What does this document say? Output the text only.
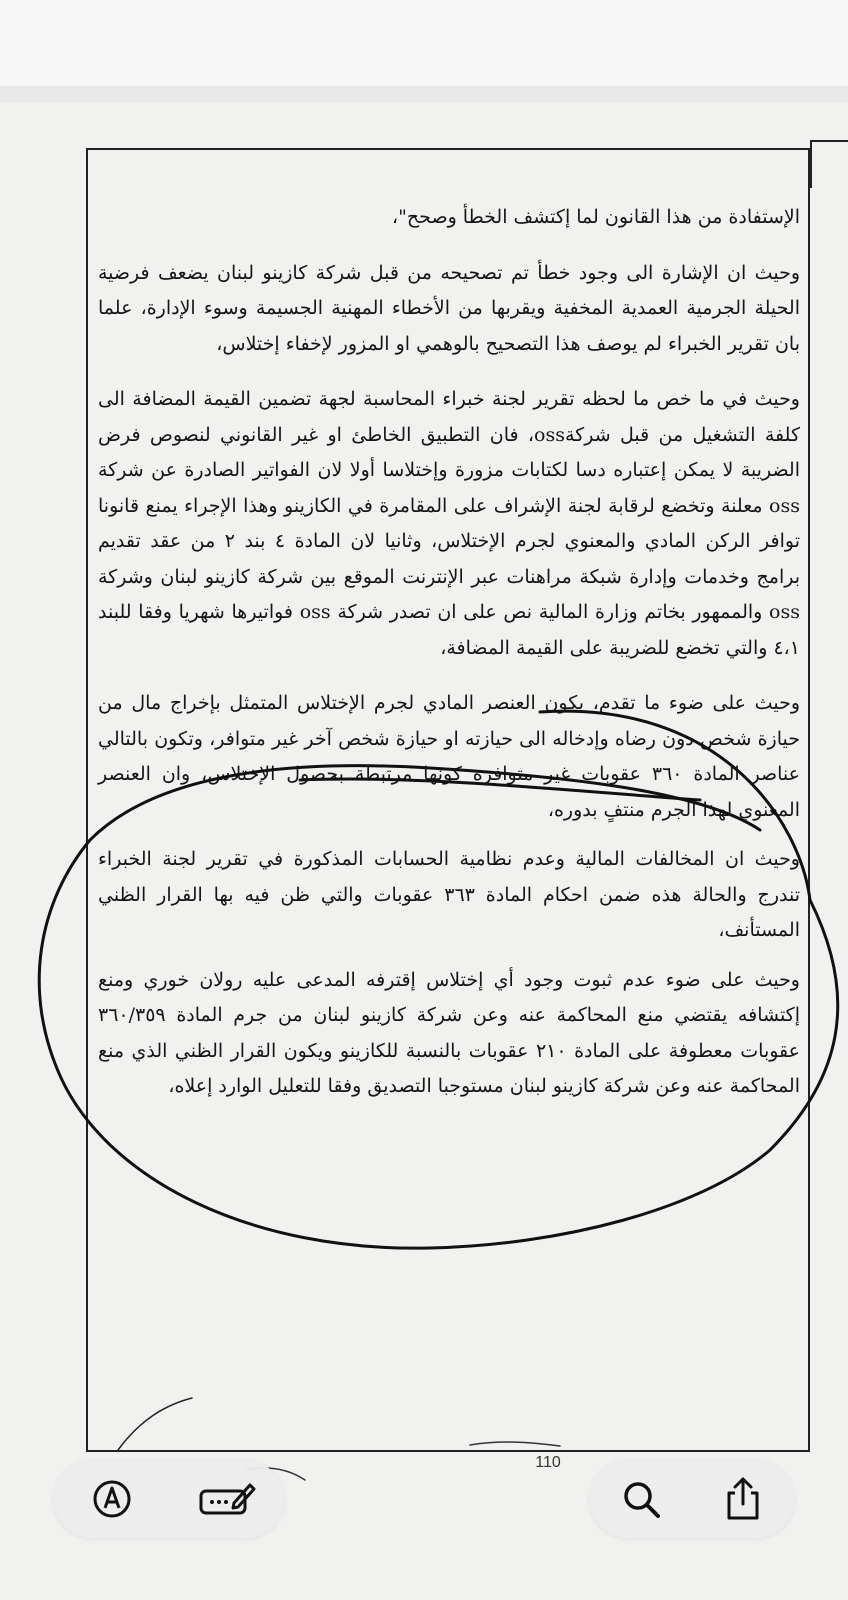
الإستفادة من هذا القانون لما إكتشف الخطأ وصحح"،

وحيث ان الإشارة الى وجود خطأ تم تصحيحه من قبل شركة كازينو لبنان يضعف فرضية الحيلة الجرمية العمدية المخفية ويقربها من الأخطاء المهنية الجسيمة وسوء الإدارة، علما بان تقرير الخبراء لم يوصف هذا التصحيح بالوهمي او المزور لإخفاء إختلاس،

وحيث في ما خص ما لحظه تقرير لجنة خبراء المحاسبة لجهة تضمين القيمة المضافة الى كلفة التشغيل من قبل شركةoss، فان التطبيق الخاطئ او غير القانوني لنصوص فرض الضريبة لا يمكن إعتباره دسا لكتابات مزورة وإختلاسا أولا لان الفواتير الصادرة عن شركة oss معلنة وتخضع لرقابة لجنة الإشراف على المقامرة في الكازينو وهذا الإجراء يمنع قانونا توافر الركن المادي والمعنوي لجرم الإختلاس، وثانيا لان المادة ٤ بند ٢ من عقد تقديم برامج وخدمات وإدارة شبكة مراهنات عبر الإنترنت الموقع بين شركة كازينو لبنان وشركة oss والممهور بخاتم وزارة المالية نص على ان تصدر شركة oss فواتيرها شهريا وفقا للبند ٤،١ والتي تخضع للضريبة على القيمة المضافة،

وحيث على ضوء ما تقدم، يكون العنصر المادي لجرم الإختلاس المتمثل بإخراج مال من حيازة شخص دون رضاه وإدخاله الى حيازته او حيازة شخص آخر غير متوافر، وتكون بالتالي عناصر المادة ٣٦٠ عقوبات غير متوافرة كونها مرتبطة بحصول الإختلاس، وان العنصر المعنوي لهذا الجرم منتفٍ بدوره،

وحيث ان المخالفات المالية وعدم نظامية الحسابات المذكورة في تقرير لجنة الخبراء تندرج والحالة هذه ضمن احكام المادة ٣٦٣ عقوبات والتي ظن فيه بها القرار الظني المستأنف،

وحيث على ضوء عدم ثبوت وجود أي إختلاس إقترفه المدعى عليه رولان خوري ومنع إكتشافه يقتضي منع المحاكمة عنه وعن شركة كازينو لبنان من جرم المادة ٣٦٠/٣٥٩ عقوبات معطوفة على المادة ٢١٠ عقوبات بالنسبة للكازينو ويكون القرار الظني الذي منع المحاكمة عنه وعن شركة كازينو لبنان مستوجبا التصديق وفقا للتعليل الوارد إعلاه،

110
